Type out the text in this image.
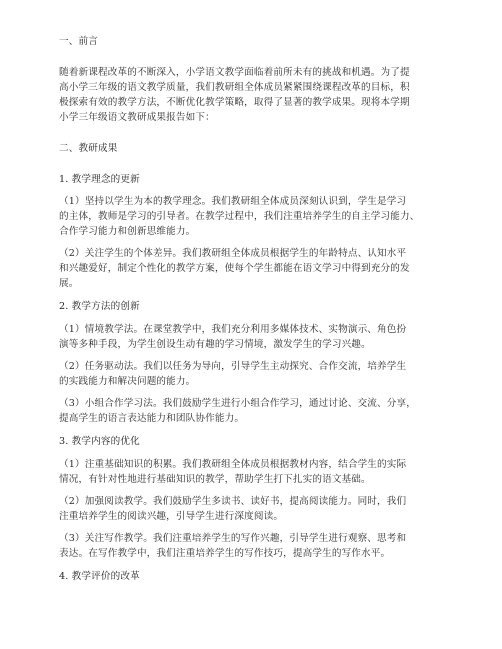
一、前言
随着新课程改革的不断深入，小学语文教学面临着前所未有的挑战和机遇。为了提
高小学三年级的语文教学质量，我们教研组全体成员紧紧围绕课程改革的目标，积
极探索有效的教学方法，不断优化教学策略，取得了显著的教学成果。现将本学期
小学三年级语文教研成果报告如下：
二、教研成果
1. 教学理念的更新
（1）坚持以学生为本的教学理念。我们教研组全体成员深刻认识到，学生是学习
的主体，教师是学习的引导者。在教学过程中，我们注重培养学生的自主学习能力、
合作学习能力和创新思维能力。
（2）关注学生的个体差异。我们教研组全体成员根据学生的年龄特点、认知水平
和兴趣爱好，制定个性化的教学方案，使每个学生都能在语文学习中得到充分的发
展。
2. 教学方法的创新
（1）情境教学法。在课堂教学中，我们充分利用多媒体技术、实物演示、角色扮
演等多种手段，为学生创设生动有趣的学习情境，激发学生的学习兴趣。
（2）任务驱动法。我们以任务为导向，引导学生主动探究、合作交流，培养学生
的实践能力和解决问题的能力。
（3）小组合作学习法。我们鼓励学生进行小组合作学习，通过讨论、交流、分享，
提高学生的语言表达能力和团队协作能力。
3. 教学内容的优化
（1）注重基础知识的积累。我们教研组全体成员根据教材内容，结合学生的实际
情况，有针对性地进行基础知识的教学，帮助学生打下扎实的语文基础。
（2）加强阅读教学。我们鼓励学生多读书、读好书，提高阅读能力。同时，我们
注重培养学生的阅读兴趣，引导学生进行深度阅读。
（3）关注写作教学。我们注重培养学生的写作兴趣，引导学生进行观察、思考和
表达。在写作教学中，我们注重培养学生的写作技巧，提高学生的写作水平。
4. 教学评价的改革
